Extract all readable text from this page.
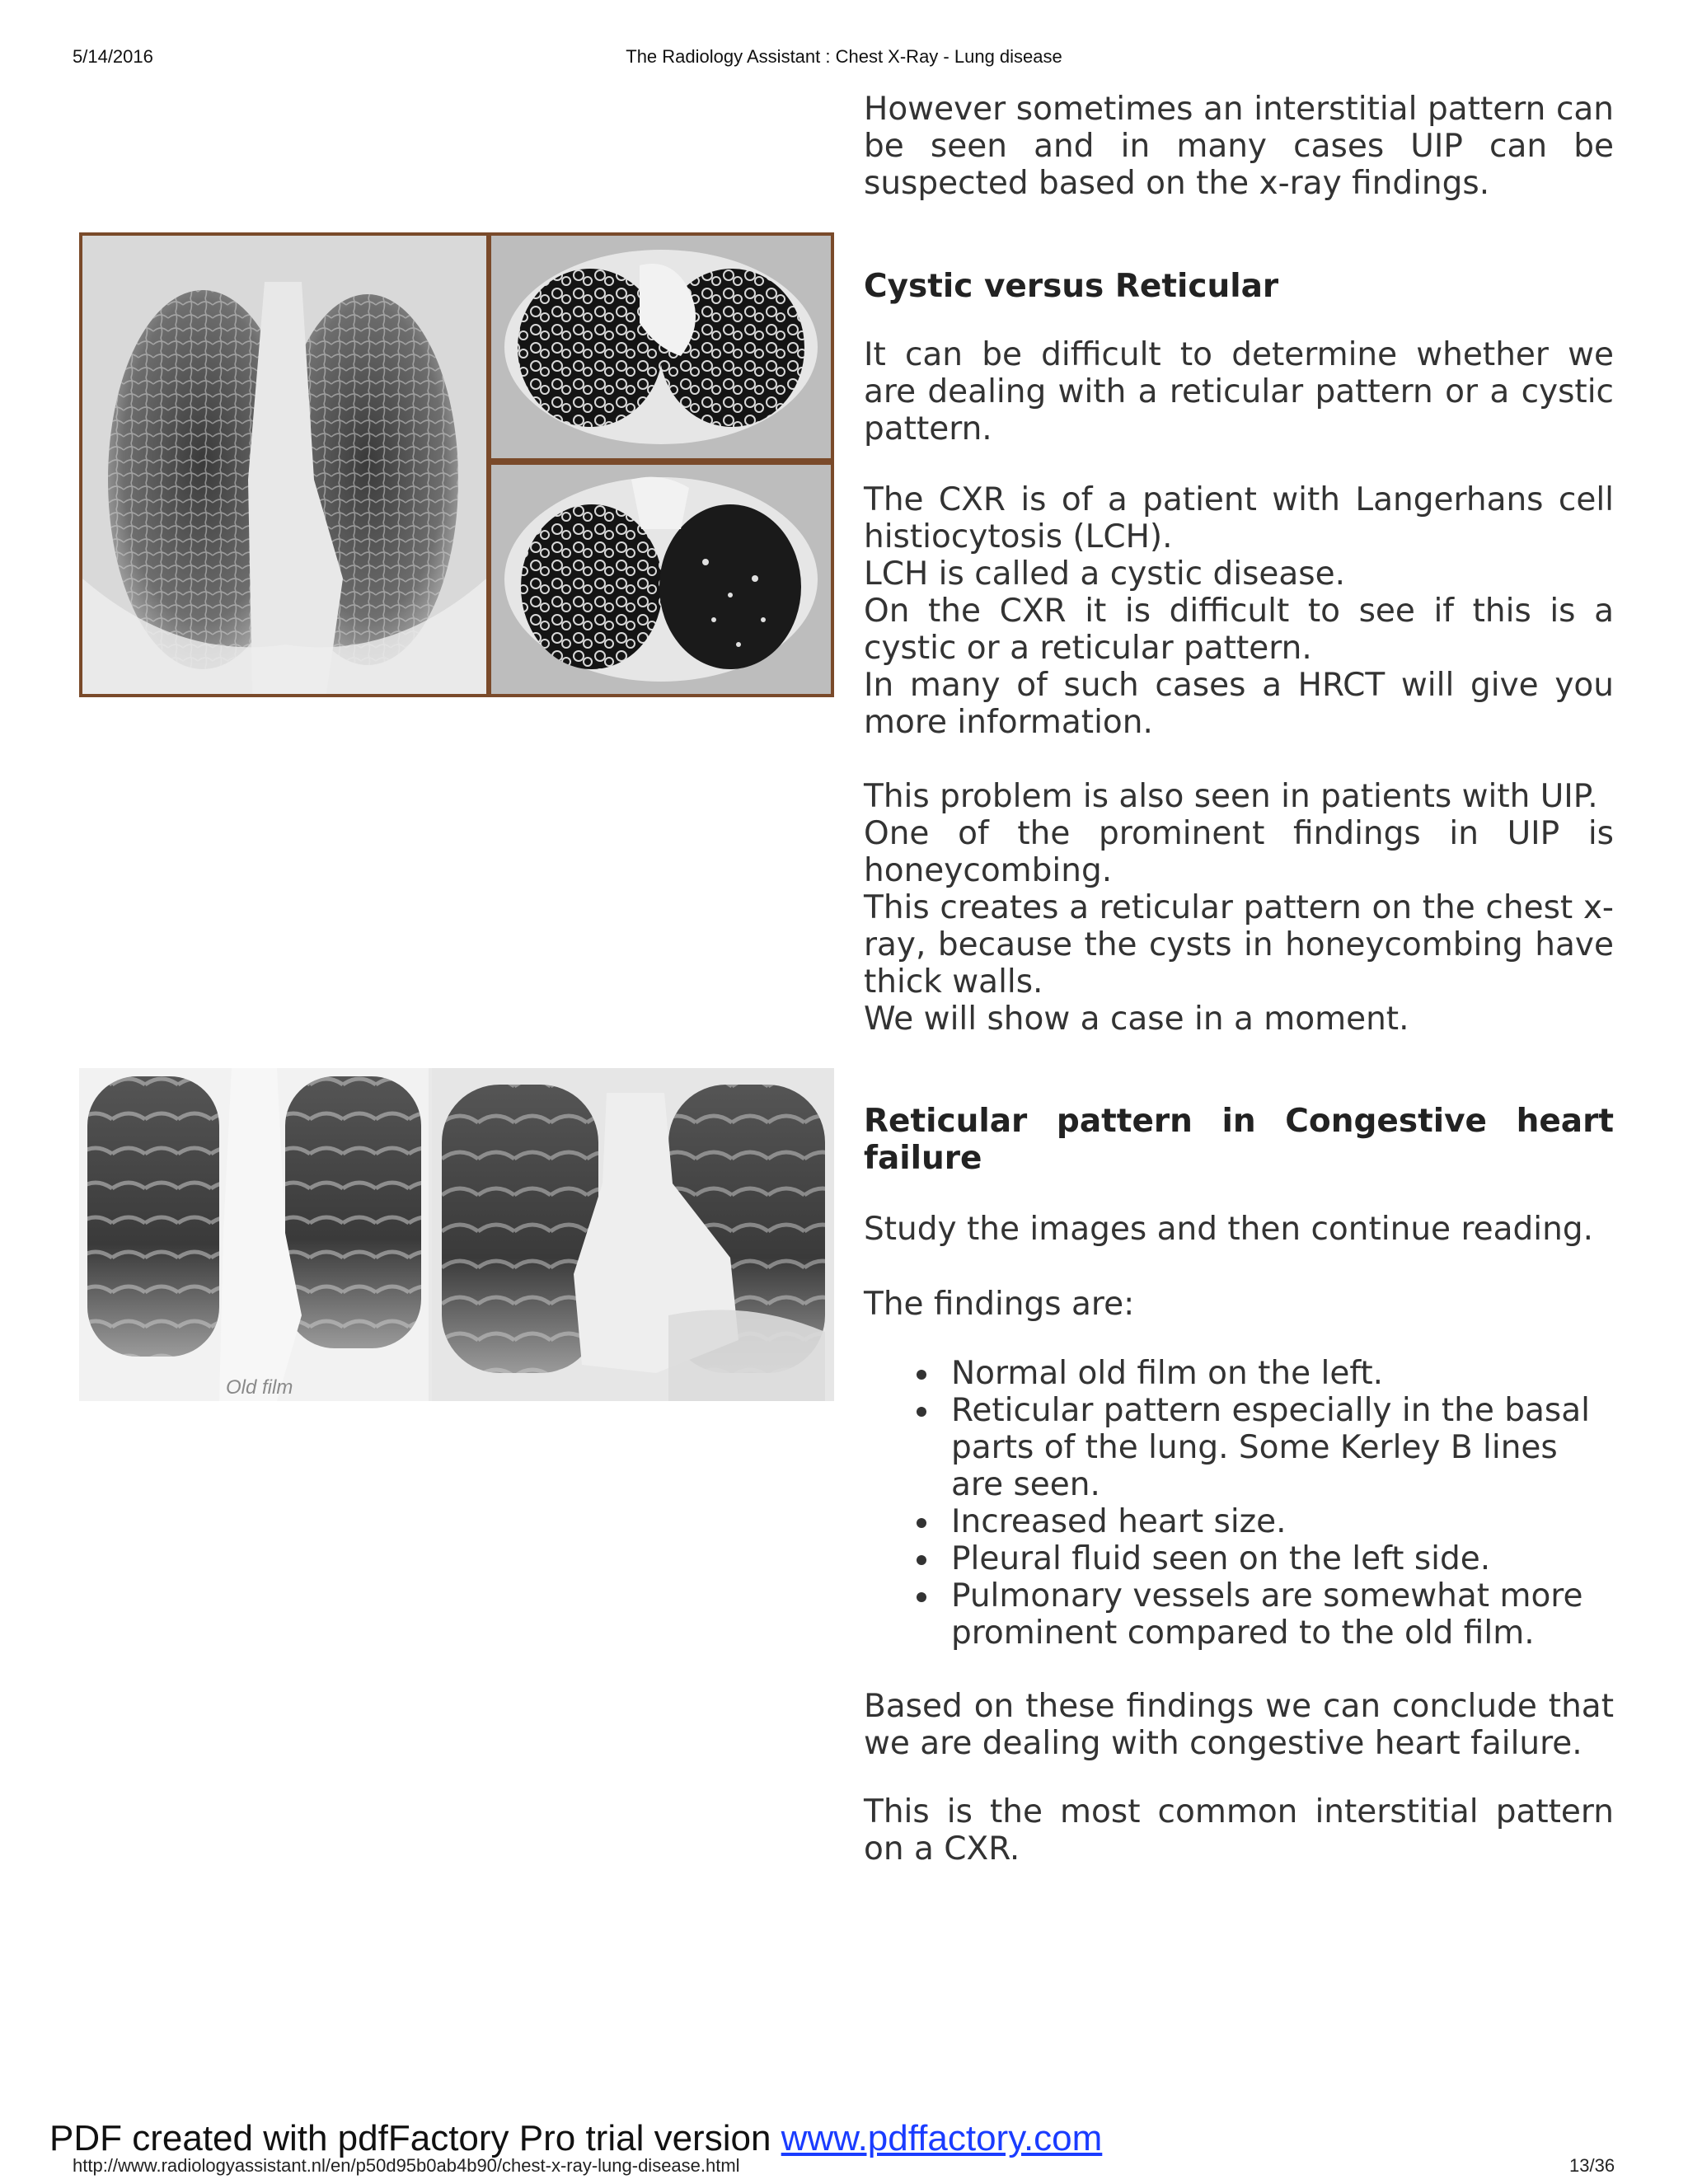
5/14/2016	The Radiology Assistant : Chest X-Ray - Lung disease
However sometimes an interstitial pattern can be seen and in many cases UIP can be suspected based on the x-ray findings.
Cystic versus Reticular
It can be difficult to determine whether we are dealing with a reticular pattern or a cystic pattern.

The CXR is of a patient with Langerhans cell histiocytosis (LCH).

LCH is called a cystic disease.

On the CXR it is difficult to see if this is a cystic or a reticular pattern.

In many of such cases a HRCT will give you more information.

This problem is also seen in patients with UIP.

One of the prominent findings in UIP is honeycombing.

This creates a reticular pattern on the chest x-ray, because the cysts in honeycombing have thick walls.

We will show a case in a moment.

Old film
Reticular pattern in Congestive heart failure
Study the images and then continue reading.
The findings are:
Normal old film on the left.
Reticular pattern especially in the basal parts of the lung. Some Kerley B lines are seen.
Increased heart size.
Pleural fluid seen on the left side.
Pulmonary vessels are somewhat more prominent compared to the old film.
Based on these findings we can conclude that we are dealing with congestive heart failure.
This is the most common interstitial pattern on a CXR.
http://www.radiologyassistant.nl/en/p50d95b0ab4b90/chest-x-ray-lung-disease.html	13/36
PDF created with pdfFactory Pro trial version www.pdffactory.com
